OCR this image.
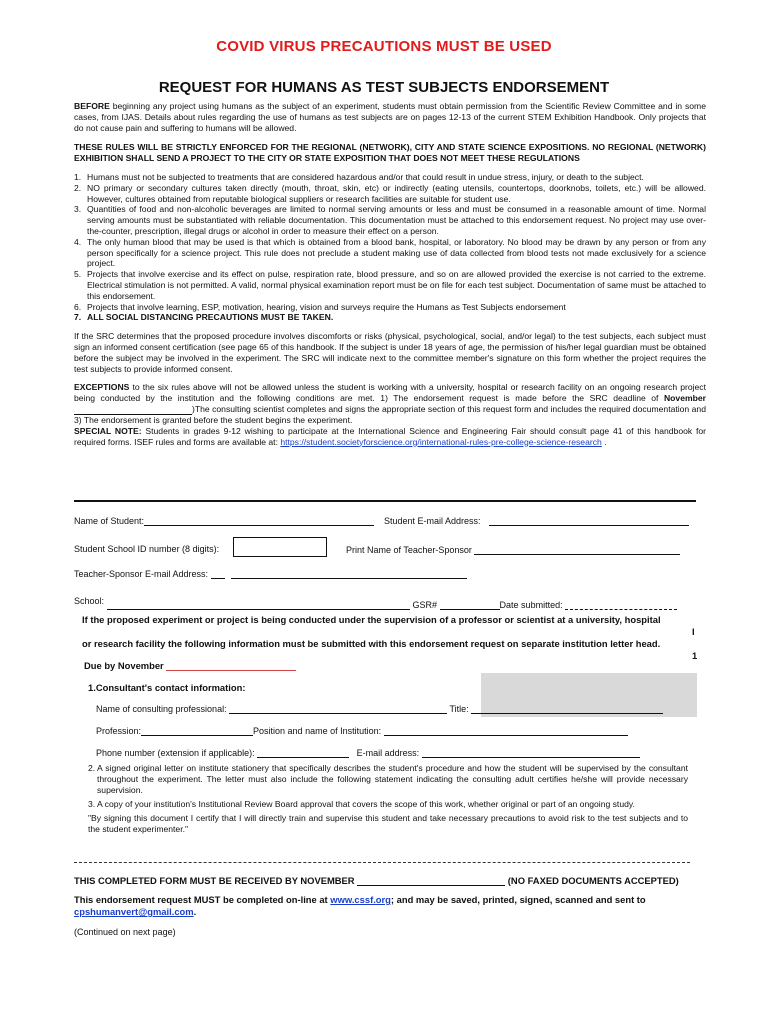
COVID VIRUS PRECAUTIONS MUST BE USED
REQUEST FOR HUMANS AS TEST SUBJECTS ENDORSEMENT

BEFORE beginning any project using humans as the subject of an experiment, students must obtain permission from the Scientific Review Committee and in some cases, from IJAS. Details about rules regarding the use of humans as test subjects are on pages 12-13 of the current STEM Exhibition Handbook. Only projects that do not cause pain and suffering to humans will be allowed.

THESE RULES WILL BE STRICTLY ENFORCED FOR THE REGIONAL (NETWORK), CITY AND STATE SCIENCE EXPOSITIONS. NO REGIONAL (NETWORK) EXHIBITION SHALL SEND A PROJECT TO THE CITY OR STATE EXPOSITION THAT DOES NOT MEET THESE REGULATIONS

1. Humans must not be subjected to treatments that are considered hazardous and/or that could result in undue stress, injury, or death to the subject.
2. NO primary or secondary cultures taken directly (mouth, throat, skin, etc) or indirectly (eating utensils, countertops, doorknobs, toilets, etc.) will be allowed. However, cultures obtained from reputable biological suppliers or research facilities are suitable for student use.
3. Quantities of food and non-alcoholic beverages are limited to normal serving amounts or less and must be consumed in a reasonable amount of time. Normal serving amounts must be substantiated with reliable documentation. This documentation must be attached to this endorsement request. No project may use over-the-counter, prescription, illegal drugs or alcohol in order to measure their effect on a person.
4. The only human blood that may be used is that which is obtained from a blood bank, hospital, or laboratory. No blood may be drawn by any person or from any person specifically for a science project. This rule does not preclude a student making use of data collected from blood tests not made exclusively for a science project.
5. Projects that involve exercise and its effect on pulse, respiration rate, blood pressure, and so on are allowed provided the exercise is not carried to the extreme. Electrical stimulation is not permitted. A valid, normal physical examination report must be on file for each test subject. Documentation of same must be attached to this endorsement.
6. Projects that involve learning, ESP, motivation, hearing, vision and surveys require the Humans as Test Subjects endorsement
7. ALL SOCIAL DISTANCING PRECAUTIONS MUST BE TAKEN.

If the SRC determines that the proposed procedure involves discomforts or risks (physical, psychological, social, and/or legal) to the test subjects, each subject must sign an informed consent certification (see page 65 of this handbook. If the subject is under 18 years of age, the permission of his/her legal guardian must be obtained before the subject may be involved in the experiment. The SRC will indicate next to the committee member's signature on this form whether the project requires the test subjects to provide informed consent.

EXCEPTIONS to the six rules above will not be allowed unless the student is working with a university, hospital or research facility on an ongoing research project being conducted by the institution and the following conditions are met. 1) The endorsement request is made before the SRC deadline of November )The consulting scientist completes and signs the appropriate section of this request form and includes the required documentation and 3) The endorsement is granted before the student begins the experiment.

SPECIAL NOTE: Students in grades 9-12 wishing to participate at the International Science and Engineering Fair should consult page 41 of this handbook for required forms. ISEF rules and forms are available at: https://student.societyforscience.org/international-rules-pre-college-science-research .

Name of Student:	Student E-mail Address:
Student School ID number (8 digits):	Print Name of Teacher-Sponsor
Teacher-Sponsor E-mail Address:
School:	GSR#	Date submitted:
If the proposed experiment or project is being conducted under the supervision of a professor or scientist at a university, hospital
I
or research facility the following information must be submitted with this endorsement request on separate institution letter head.
1
Due by November
1.Consultant's contact information:
Name of consulting professional:	Title:
Profession:	Position and name of Institution:
Phone number (extension if applicable):	E-mail address:
2. A signed original letter on institute stationery that specifically describes the student's procedure and how the student will be supervised by the consultant throughout the experiment. The letter must also include the following statement indicating the consulting adult certifies he/she will provide necessary supervision.
3. A copy of your institution's Institutional Review Board approval that covers the scope of this work, whether original or part of an ongoing study.

"By signing this document I certify that I will directly train and supervise this student and take necessary precautions to avoid risk to the test subjects and to the student experimenter."

THIS COMPLETED FORM MUST BE RECEIVED BY NOVEMBER	(NO FAXED DOCUMENTS ACCEPTED)
This endorsement request MUST be completed on-line at www.cssf.org; and may be saved, printed, signed, scanned and sent to cpshumanvert@gmail.com.
(Continued on next page)
